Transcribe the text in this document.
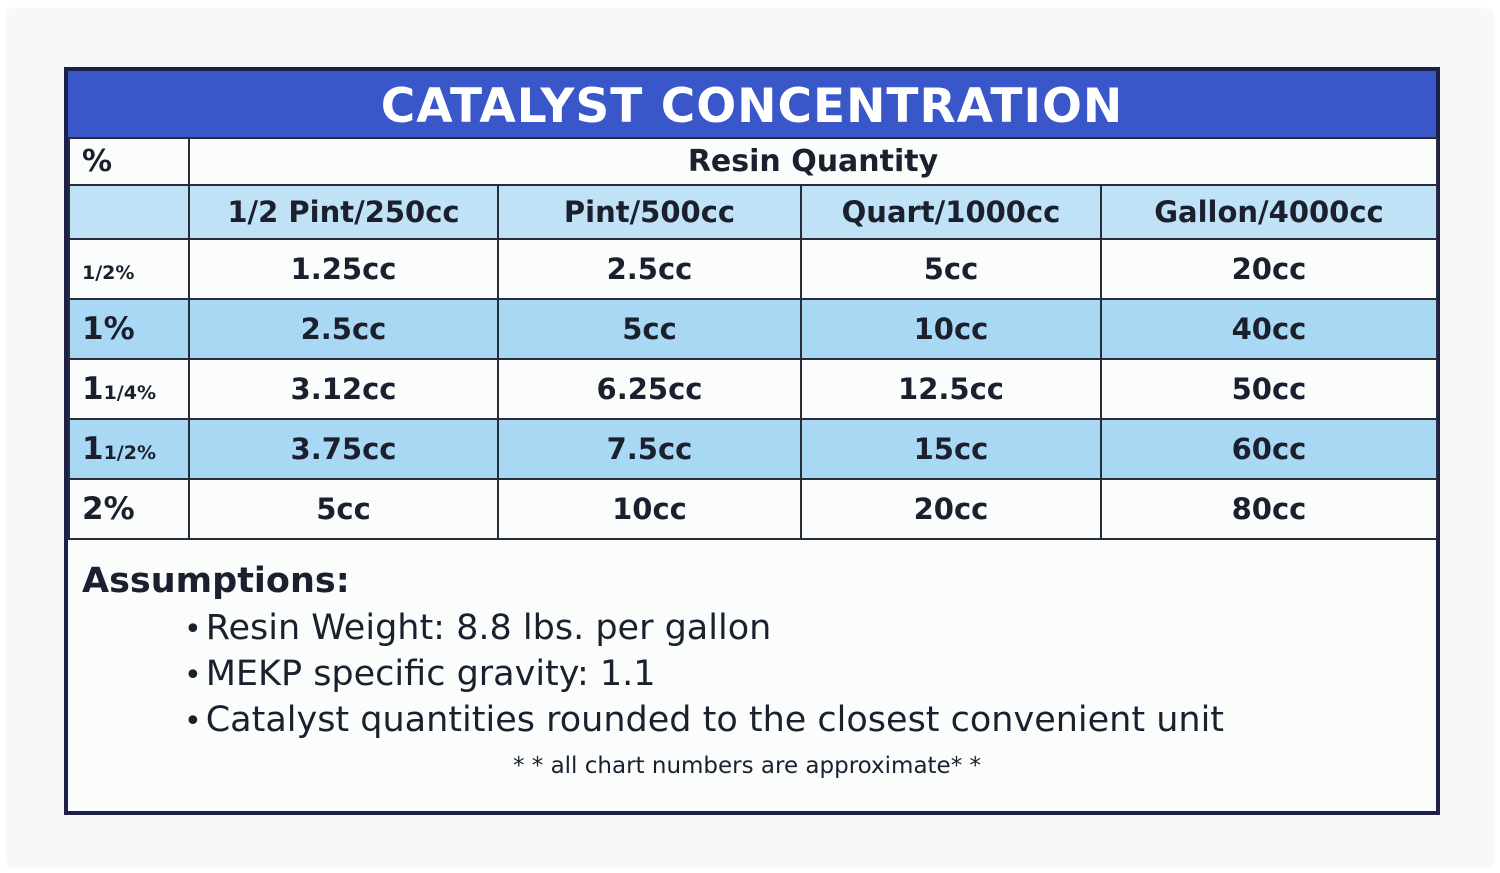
CATALYST CONCENTRATION
%	Resin Quantity			
	1/2 Pint/250cc	Pint/500cc	Quart/1000cc	Gallon/4000cc
1/2%	1.25cc	2.5cc	5cc	20cc
1%	2.5cc	5cc	10cc	40cc
11/4%	3.12cc	6.25cc	12.5cc	50cc
11/2%	3.75cc	7.5cc	15cc	60cc
2%	5cc	10cc	20cc	80cc

Assumptions:

• Resin Weight: 8.8 lbs. per gallon
• MEKP specific gravity: 1.1
• Catalyst quantities rounded to the closest convenient unit
* * all chart numbers are approximate* *
